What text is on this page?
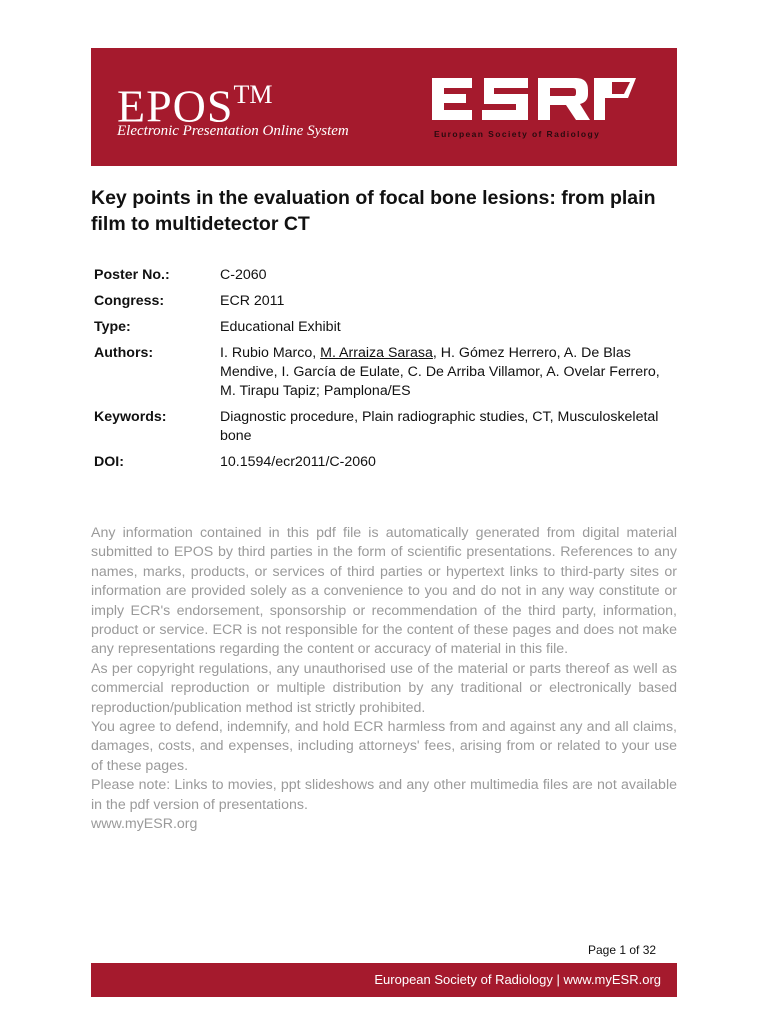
EPOS™
Electronic Presentation Online System	European Society of Radiology
Key points in the evaluation of focal bone lesions: from plain film to multidetector CT
Poster No.:	C-2060
Congress:	ECR 2011
Type:	Educational Exhibit
Authors:	I. Rubio Marco, M. Arraiza Sarasa, H. Gómez Herrero, A. De Blas Mendive, I. García de Eulate, C. De Arriba Villamor, A. Ovelar Ferrero, M. Tirapu Tapiz; Pamplona/ES
Keywords:	Diagnostic procedure, Plain radiographic studies, CT, Musculoskeletal bone
DOI:	10.1594/ecr2011/C-2060

Any information contained in this pdf file is automatically generated from digital material submitted to EPOS by third parties in the form of scientific presentations. References to any names, marks, products, or services of third parties or hypertext links to third-party sites or information are provided solely as a convenience to you and do not in any way constitute or imply ECR's endorsement, sponsorship or recommendation of the third party, information, product or service. ECR is not responsible for the content of these pages and does not make any representations regarding the content or accuracy of material in this file.

As per copyright regulations, any unauthorised use of the material or parts thereof as well as commercial reproduction or multiple distribution by any traditional or electronically based reproduction/publication method ist strictly prohibited.

You agree to defend, indemnify, and hold ECR harmless from and against any and all claims, damages, costs, and expenses, including attorneys' fees, arising from or related to your use of these pages.

Please note: Links to movies, ppt slideshows and any other multimedia files are not available in the pdf version of presentations.

www.myESR.org

Page 1 of 32
European Society of Radiology | www.myESR.org
